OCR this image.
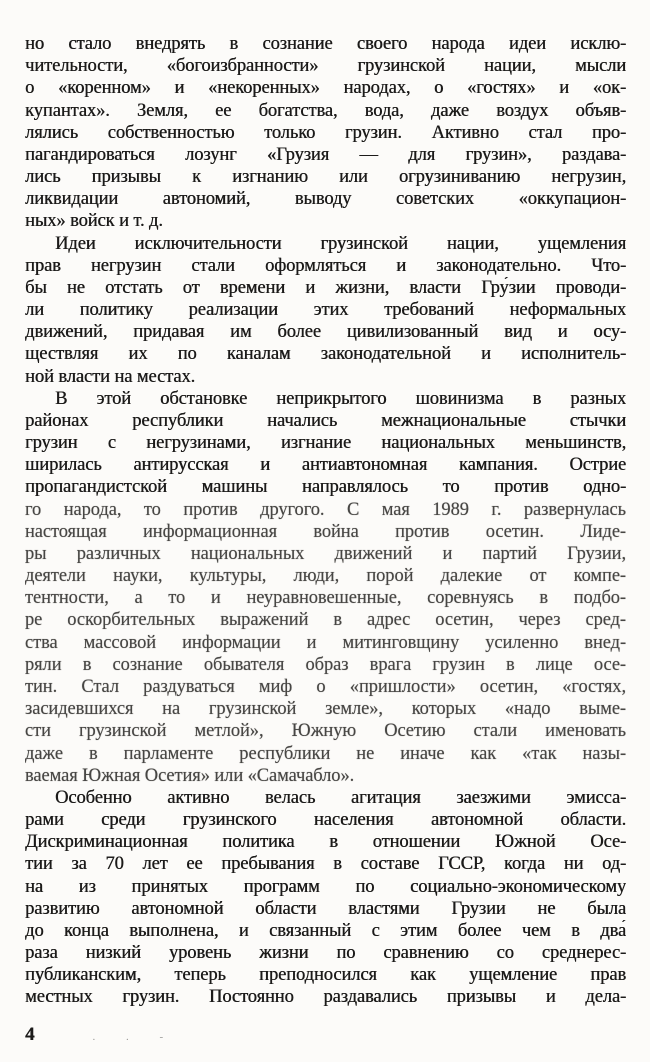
но стало внедрять в сознание своего народа идеи исклю-
чительности, «богоизбранности» грузинской нации, мысли
о «коренном» и «некоренных» народах, о «гостях» и «ок-
купантах». Земля, ее богатства, вода, даже воздух объяв-
лялись собственностью только грузин. Активно стал про-
пагандироваться лозунг «Грузия — для грузин», раздава-
лись призывы к изгнанию или огрузиниванию негрузин,
ликвидации автономий, выводу советских «оккупацион-
ных» войск и т. д.
Идеи исключительности грузинской нации, ущемления
прав негрузин стали оформляться и законодательно. Что-
бы не отстать от времени и жизни, власти Гру́зии проводи-
ли политику реализации этих требований неформальных
движений, придавая им более цивилизованный вид и осу-
ществляя их по каналам законодательной и исполнитель-
ной власти на местах.
В этой обстановке неприкрытого шовинизма в разных
районах республики начались межнациональные стычки
грузин с негрузинами, изгнание национальных меньшинств,
ширилась антирусская и антиавтономная кампания. Острие
пропагандистской машины направлялось то против одно-
го народа, то против другого. С мая 1989 г. развернулась
настоящая информационная война против осетин. Лиде-
ры различных национальных движений и партий Грузии,
деятели науки, культуры, люди, порой далекие от компе-
тентности, а то и неуравновешенные, соревнуясь в подбо-
ре оскорбительных выражений в адрес осетин, через сред-
ства массовой информации и митинговщину усиленно внед-
ряли в сознание обывателя образ врага грузин в лице осе-
тин. Стал раздуваться миф о «пришлости» осетин, «гостях,
засидевшихся на грузинской земле», которых «надо выме-
сти грузинской метлой», Южную Осетию стали именовать
даже в парламенте республики не иначе как «так назы-
ваемая Южная Осетия» или «Самачабло».
Особенно активно велась агитация заезжими эмисса-
рами среди грузинского населения автономной области.
Дискриминационная политика в отношении Южной Осе-
тии за 70 лет ее пребывания в составе ГССР, когда ни од-
на из принятых программ по социально-экономическому
развитию автономной области властями Грузии не была
до конца выполнена, и связанный с этим более чем в два́
раза низкий уровень жизни по сравнению со среднерес-
публиканским, теперь преподносился как ущемление прав
местных грузин. Постоянно раздавались призывы и дела-
4	. . -
